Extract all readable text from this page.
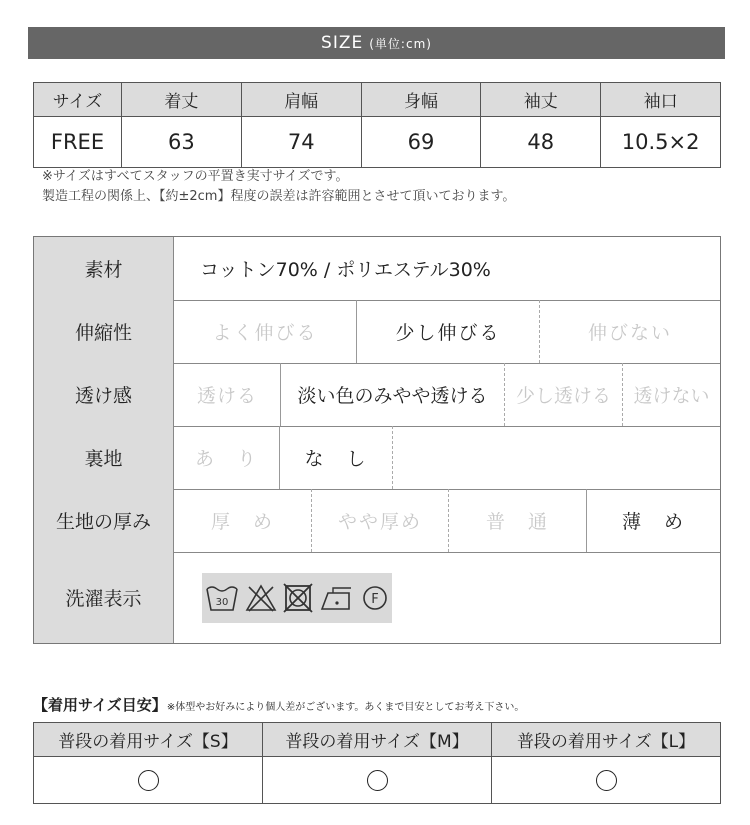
SIZE (単位:cm)
サイズ	着丈	肩幅	身幅	袖丈	袖口
FREE	63	74	69	48	10.5×2
※サイズはすべてスタッフの平置き実寸サイズです。
製造工程の関係上、【約±2cm】程度の誤差は許容範囲とさせて頂いております。
素材	コットン70% / ポリエステル30%
伸縮性	よく伸びる	少し伸びる	伸びない
透け感	透ける	淡い色のみやや透ける	少し透ける	透けない
裏地	あ　り	な　し
生地の厚み	厚　め	やや厚め	普　通	薄　め
洗濯表示	30	F
【着用サイズ目安】※体型やお好みにより個人差がございます。あくまで目安としてお考え下さい。
普段の着用サイズ【S】	普段の着用サイズ【M】	普段の着用サイズ【L】
